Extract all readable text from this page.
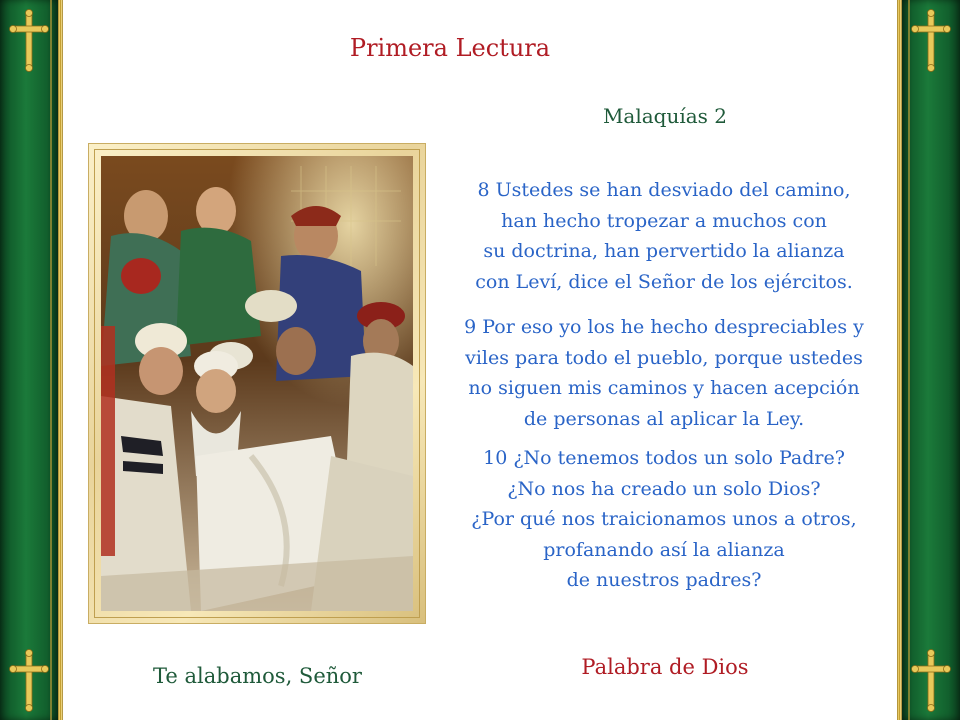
Primera Lectura
Malaquías 2
8 Ustedes se han desviado del camino,
han hecho tropezar a muchos con
su doctrina, han pervertido la alianza
con Leví, dice el Señor de los ejércitos.
9 Por eso yo los he hecho despreciables y
viles para todo el pueblo, porque ustedes
no siguen mis caminos y hacen acepción
de personas al aplicar la Ley.
10 ¿No tenemos todos un solo Padre?
¿No nos ha creado un solo Dios?
¿Por qué nos traicionamos unos a otros,
profanando así la alianza
de nuestros padres?
Te alabamos, Señor	Palabra de Dios
